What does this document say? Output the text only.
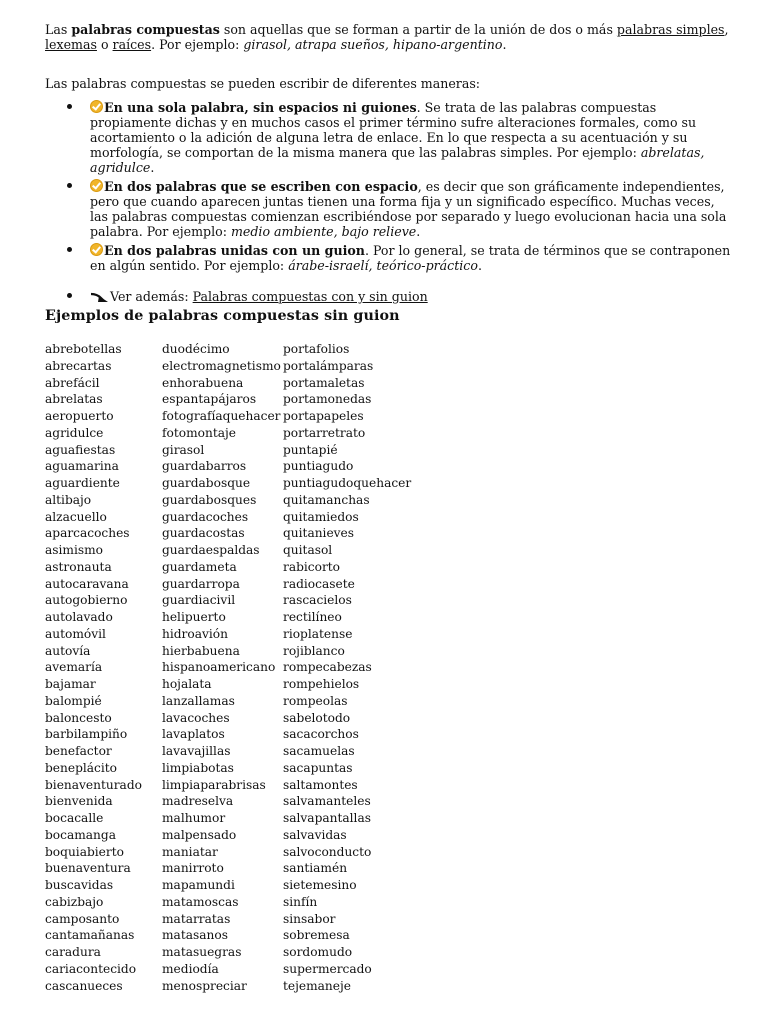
Las palabras compuestas son aquellas que se forman a partir de la unión de dos o más palabras simples, lexemas o raíces. Por ejemplo: girasol, atrapa sueños, hipano-argentino.

Las palabras compuestas se pueden escribir de diferentes maneras:

En una sola palabra, sin espacios ni guiones. Se trata de las palabras compuestas propiamente dichas y en muchos casos el primer término sufre alteraciones formales, como su acortamiento o la adición de alguna letra de enlace. En lo que respecta a su acentuación y su morfología, se comportan de la misma manera que las palabras simples. Por ejemplo: abrelatas, agridulce.
En dos palabras que se escriben con espacio, es decir que son gráficamente independientes, pero que cuando aparecen juntas tienen una forma fija y un significado específico. Muchas veces, las palabras compuestas comienzan escribiéndose por separado y luego evolucionan hacia una sola palabra. Por ejemplo: medio ambiente, bajo relieve.
En dos palabras unidas con un guion. Por lo general, se trata de términos que se contraponen en algún sentido. Por ejemplo: árabe-israelí, teórico-práctico.
Ver además: Palabras compuestas con y sin guion
Ejemplos de palabras compuestas sin guion
abrebotellas
abrecartas
abrefácil
abrelatas
aeropuerto
agridulce
aguafiestas
aguamarina
aguardiente
altibajo
alzacuello
aparcacoches
asimismo
astronauta
autocaravana
autogobierno
autolavado
automóvil
autovía
avemaría
bajamar
balompié
baloncesto
barbilampiño
benefactor
beneplácito
bienaventurado
bienvenida
bocacalle
bocamanga
boquiabierto
buenaventura
buscavidas
cabizbajo
camposanto
cantamañanas
caradura
cariacontecido
cascanueces
duodécimo
electromagnetismo
enhorabuena
espantapájaros
fotografíaquehacer
fotomontaje
girasol
guardabarros
guardabosque
guardabosques
guardacoches
guardacostas
guardaespaldas
guardameta
guardarropa
guardiacivil
helipuerto
hidroavión
hierbabuena
hispanoamericano
hojalata
lanzallamas
lavacoches
lavaplatos
lavavajillas
limpiabotas
limpiaparabrisas
madreselva
malhumor
malpensado
maniatar
manirroto
mapamundi
matamoscas
matarratas
matasanos
matasuegras
mediodía
menospreciar
portafolios
portalámparas
portamaletas
portamonedas
portapapeles
portarretrato
puntapié
puntiagudo
puntiagudoquehacer
quitamanchas
quitamiedos
quitanieves
quitasol
rabicorto
radiocasete
rascacielos
rectilíneo
rioplatense
rojiblanco
rompecabezas
rompehielos
rompeolas
sabelotodo
sacacorchos
sacamuelas
sacapuntas
saltamontes
salvamanteles
salvapantallas
salvavidas
salvoconducto
santiamén
sietemesino
sinfín
sinsabor
sobremesa
sordomudo
supermercado
tejemaneje
